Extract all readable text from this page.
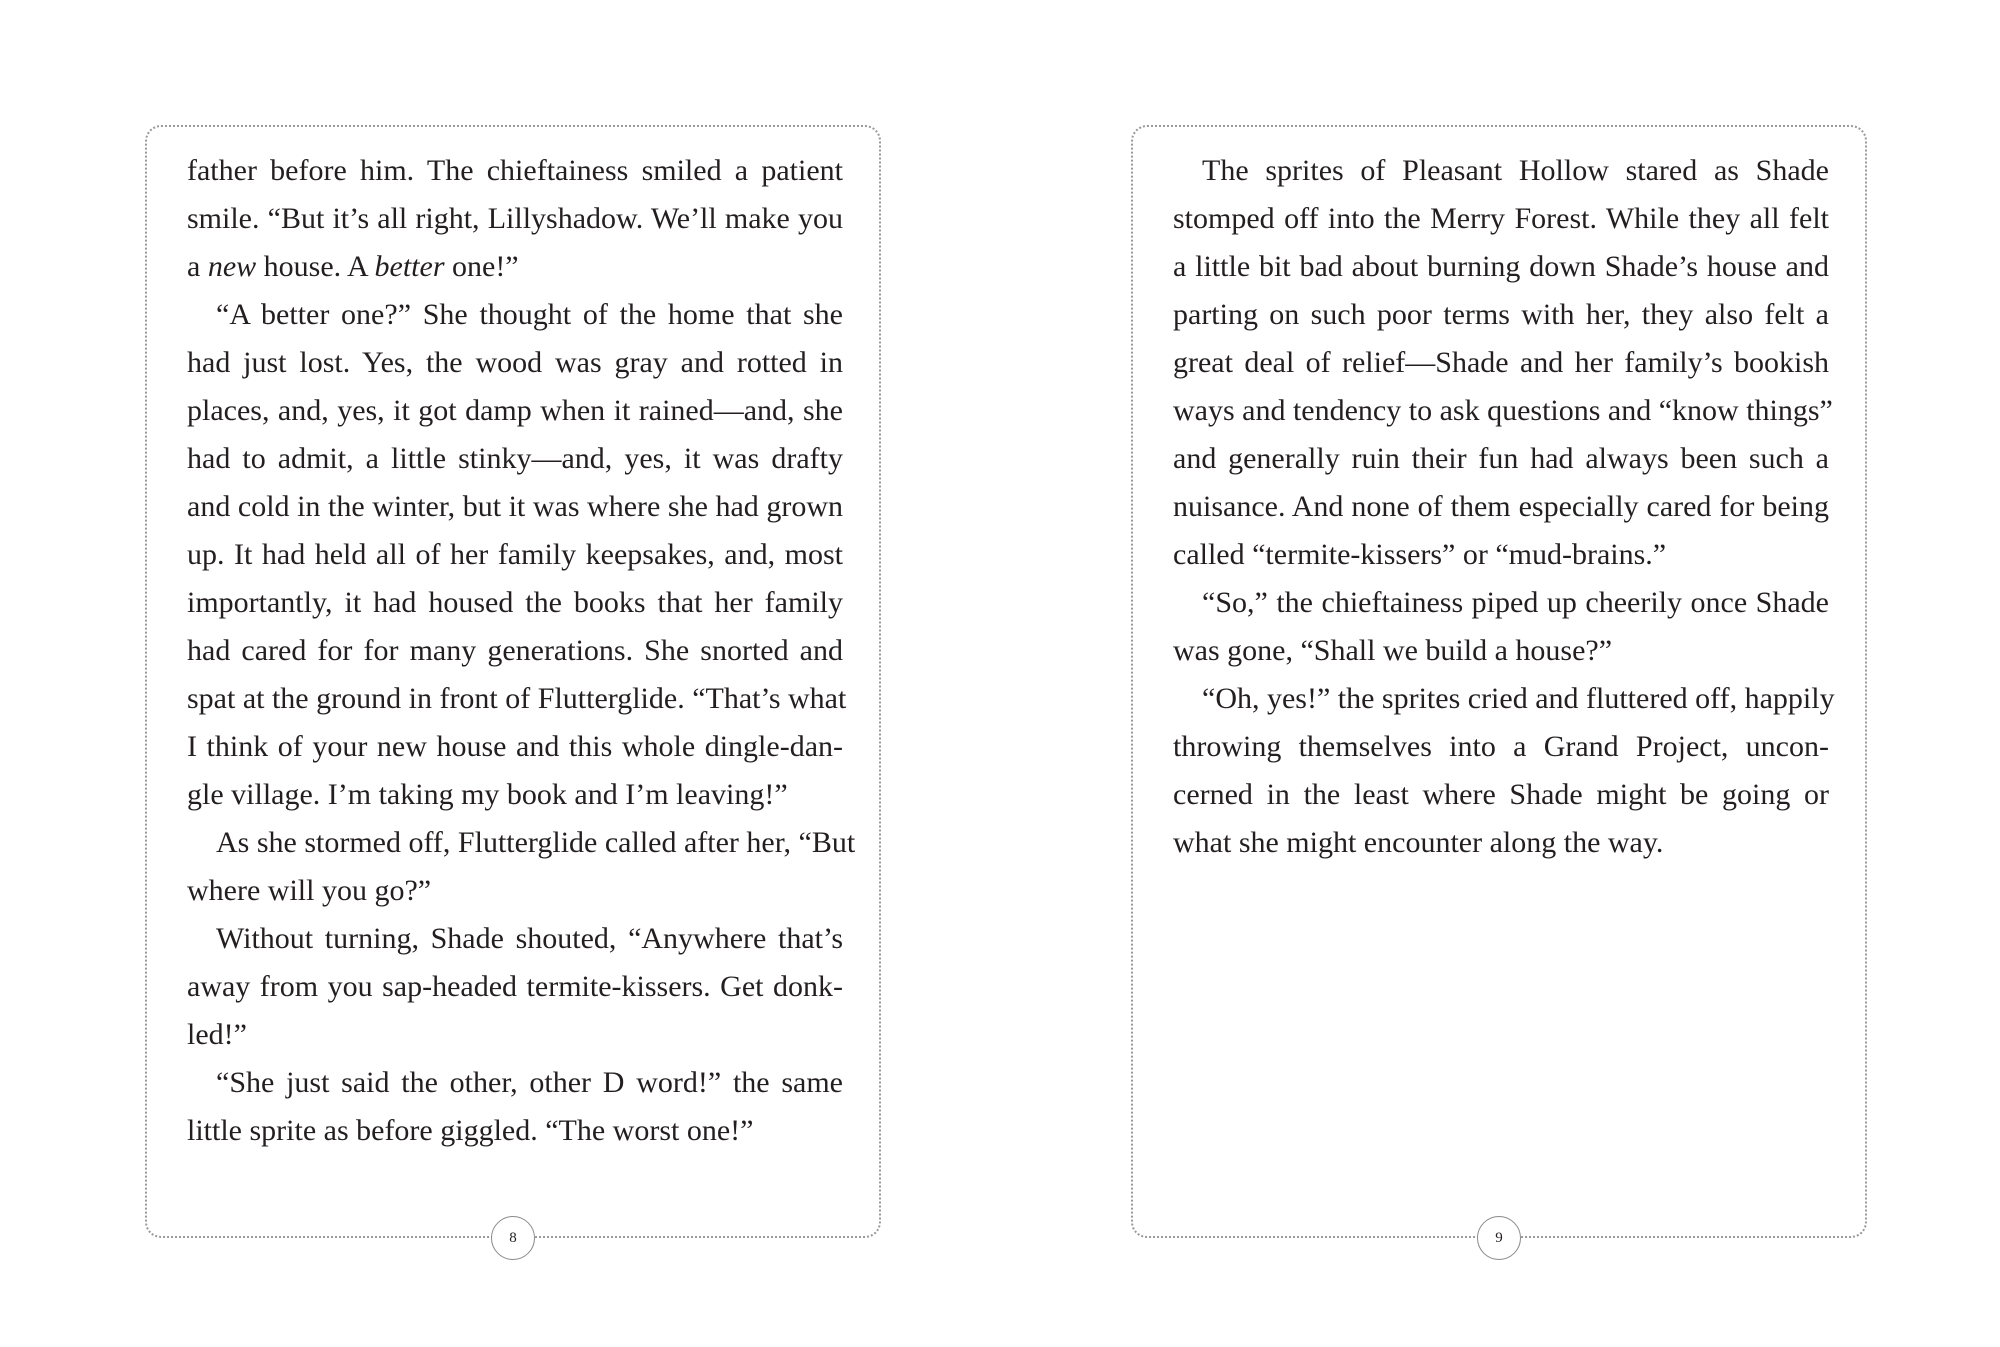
father before him. The chieftainess smiled a patient
smile. “But it’s all right, Lillyshadow. We’ll make you
a new house. A better one!”
“A better one?” She thought of the home that she
had just lost. Yes, the wood was gray and rotted in
places, and, yes, it got damp when it rained—and, she
had to admit, a little stinky—and, yes, it was drafty
and cold in the winter, but it was where she had grown
up. It had held all of her family keepsakes, and, most
importantly, it had housed the books that her family
had cared for for many generations. She snorted and
spat at the ground in front of Flutterglide. “That’s what
I think of your new house and this whole dingle-dan-
gle village. I’m taking my book and I’m leaving!”
As she stormed off, Flutterglide called after her, “But
where will you go?”
Without turning, Shade shouted, “Anywhere that’s
away from you sap-headed termite-kissers. Get donk-
led!”
“She just said the other, other D word!” the same
little sprite as before giggled. “The worst one!”
8
The sprites of Pleasant Hollow stared as Shade
stomped off into the Merry Forest. While they all felt
a little bit bad about burning down Shade’s house and
parting on such poor terms with her, they also felt a
great deal of relief—Shade and her family’s bookish
ways and tendency to ask questions and “know things”
and generally ruin their fun had always been such a
nuisance. And none of them especially cared for being
called “termite-kissers” or “mud-brains.”
“So,” the chieftainess piped up cheerily once Shade
was gone, “Shall we build a house?”
“Oh, yes!” the sprites cried and fluttered off, happily
throwing themselves into a Grand Project, uncon-
cerned in the least where Shade might be going or
what she might encounter along the way.
9
